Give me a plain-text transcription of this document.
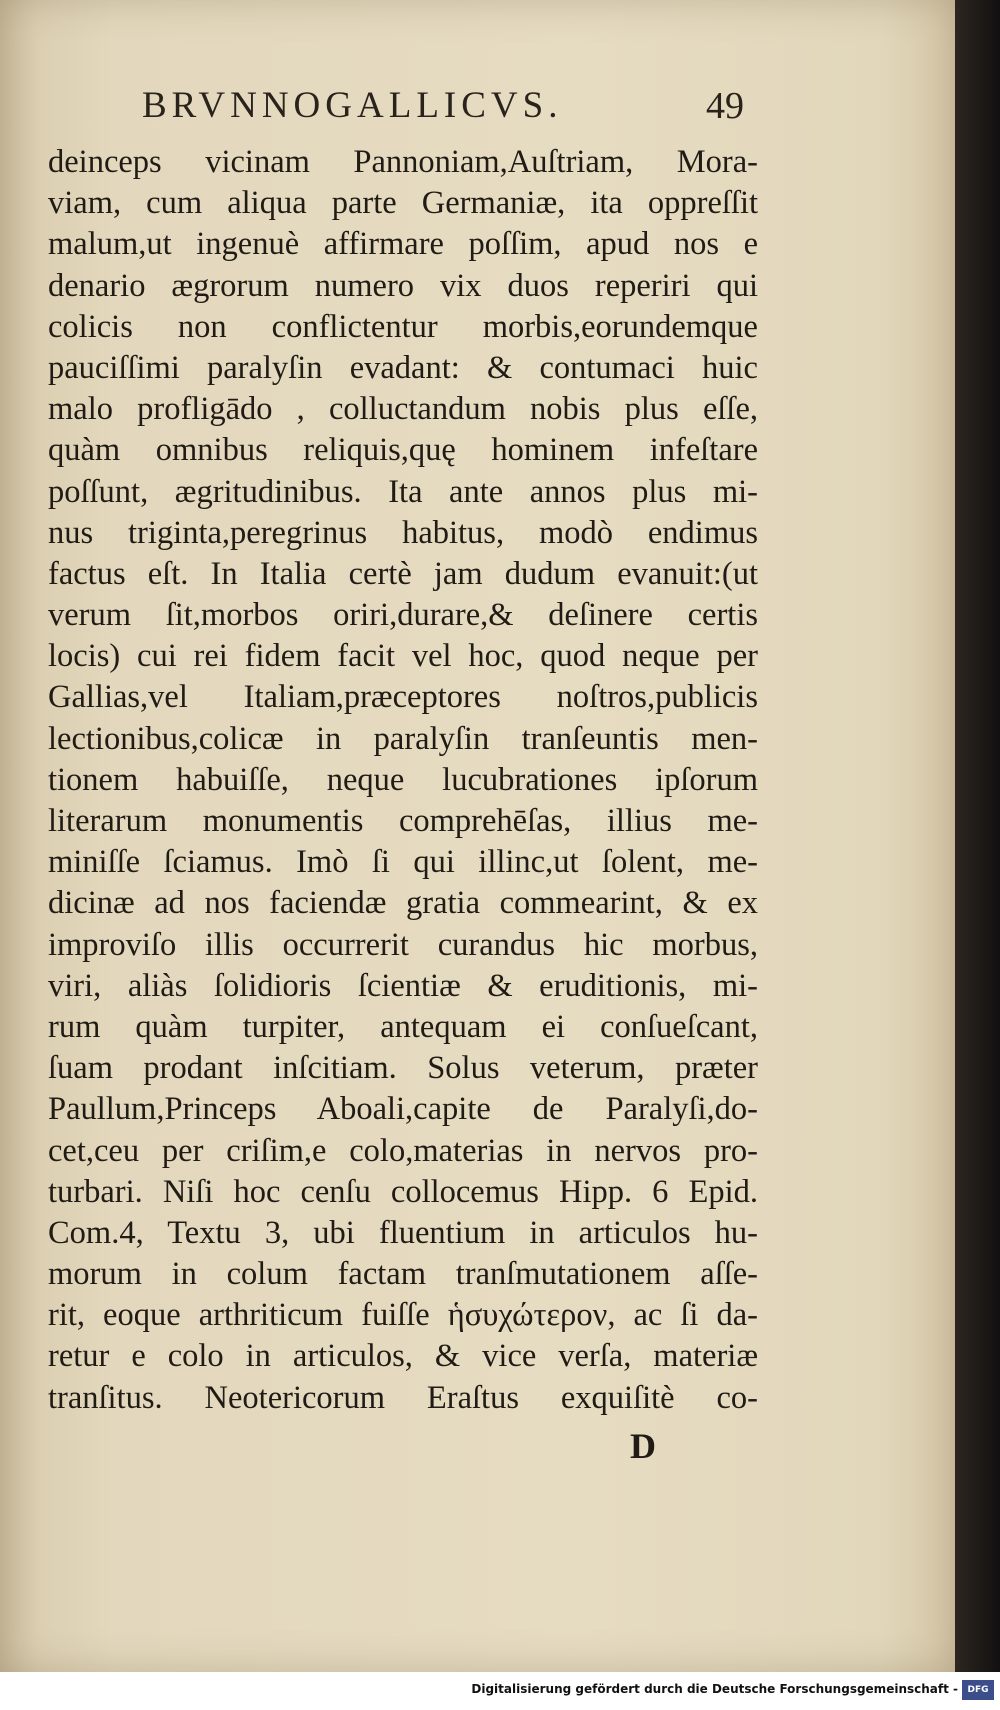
BRVNNOGALLICVS.	49
deinceps vicinam Pannoniam,Auſtriam, Mora-
viam, cum aliqua parte Germaniæ, ita oppreſſit
malum,ut ingenuè affirmare poſſim, apud nos e
denario ægrorum numero vix duos reperiri qui
colicis non conflictentur morbis,eorundemque
pauciſſimi paralyſin evadant: & contumaci huic
malo profligādo , colluctandum nobis plus eſſe,
quàm omnibus reliquis,quę hominem infeſtare
poſſunt, ægritudinibus. Ita ante annos plus mi-
nus triginta,peregrinus habitus, modò endimus
factus eſt. In Italia certè jam dudum evanuit:(ut
verum ſit,morbos oriri,durare,& deſinere certis
locis) cui rei fidem facit vel hoc, quod neque per
Gallias,vel Italiam,præceptores noſtros,publicis
lectionibus,colicæ in paralyſin tranſeuntis men-
tionem habuiſſe, neque lucubrationes ipſorum
literarum monumentis comprehēſas, illius me-
miniſſe ſciamus. Imò ſi qui illinc,ut ſolent, me-
dicinæ ad nos faciendæ gratia commearint, & ex
improviſo illis occurrerit curandus hic morbus,
viri, aliàs ſolidioris ſcientiæ & eruditionis, mi-
rum quàm turpiter, antequam ei conſueſcant,
ſuam prodant inſcitiam. Solus veterum, præter
Paullum,Princeps Aboali,capite de Paralyſi,do-
cet,ceu per criſim,e colo,materias in nervos pro-
turbari. Niſi hoc cenſu collocemus Hipp. 6 Epid.
Com.4, Textu 3, ubi fluentium in articulos hu-
morum in colum factam tranſmutationem aſſe-
rit, eoque arthriticum fuiſſe ἡσυχώτερον, ac ſi da-
retur e colo in articulos, & vice verſa, materiæ
tranſitus. Neotericorum Eraſtus exquiſitè co-
D
Digitalisierung gefördert durch die Deutsche Forschungsgemeinschaft -	DFG
